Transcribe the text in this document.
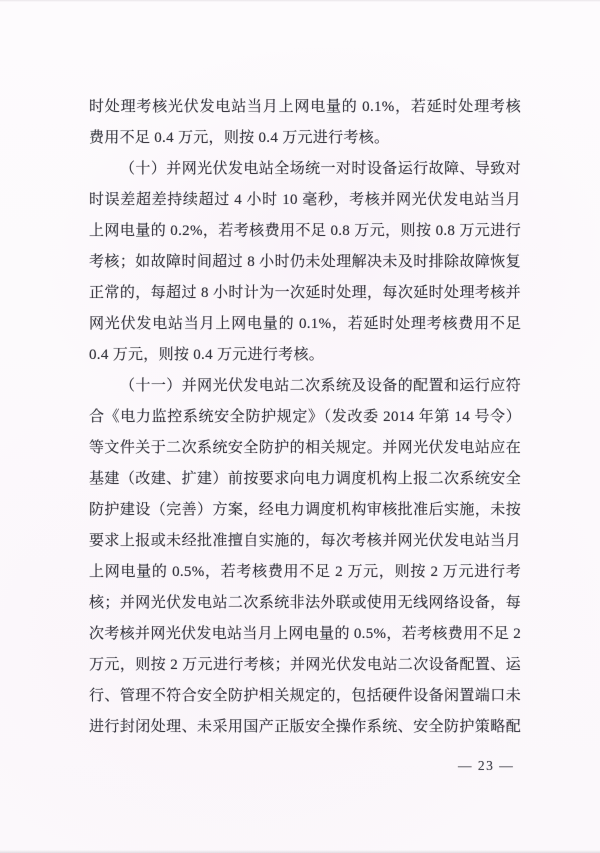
时处理考核光伏发电站当月上网电量的 0.1%，若延时处理考核
费用不足 0.4 万元，则按 0.4 万元进行考核。
（十）并网光伏发电站全场统一对时设备运行故障、导致对
时误差超差持续超过 4 小时 10 毫秒，考核并网光伏发电站当月
上网电量的 0.2%，若考核费用不足 0.8 万元，则按 0.8 万元进行
考核；如故障时间超过 8 小时仍未处理解决未及时排除故障恢复
正常的，每超过 8 小时计为一次延时处理，每次延时处理考核并
网光伏发电站当月上网电量的 0.1%，若延时处理考核费用不足
0.4 万元，则按 0.4 万元进行考核。
（十一）并网光伏发电站二次系统及设备的配置和运行应符
合《电力监控系统安全防护规定》（发改委 2014 年第 14 号令）
等文件关于二次系统安全防护的相关规定。并网光伏发电站应在
基建（改建、扩建）前按要求向电力调度机构上报二次系统安全
防护建设（完善）方案，经电力调度机构审核批准后实施，未按
要求上报或未经批准擅自实施的，每次考核并网光伏发电站当月
上网电量的 0.5%，若考核费用不足 2 万元，则按 2 万元进行考
核；并网光伏发电站二次系统非法外联或使用无线网络设备，每
次考核并网光伏发电站当月上网电量的 0.5%，若考核费用不足 2
万元，则按 2 万元进行考核；并网光伏发电站二次设备配置、运
行、管理不符合安全防护相关规定的，包括硬件设备闲置端口未
进行封闭处理、未采用国产正版安全操作系统、安全防护策略配
— 23 —
